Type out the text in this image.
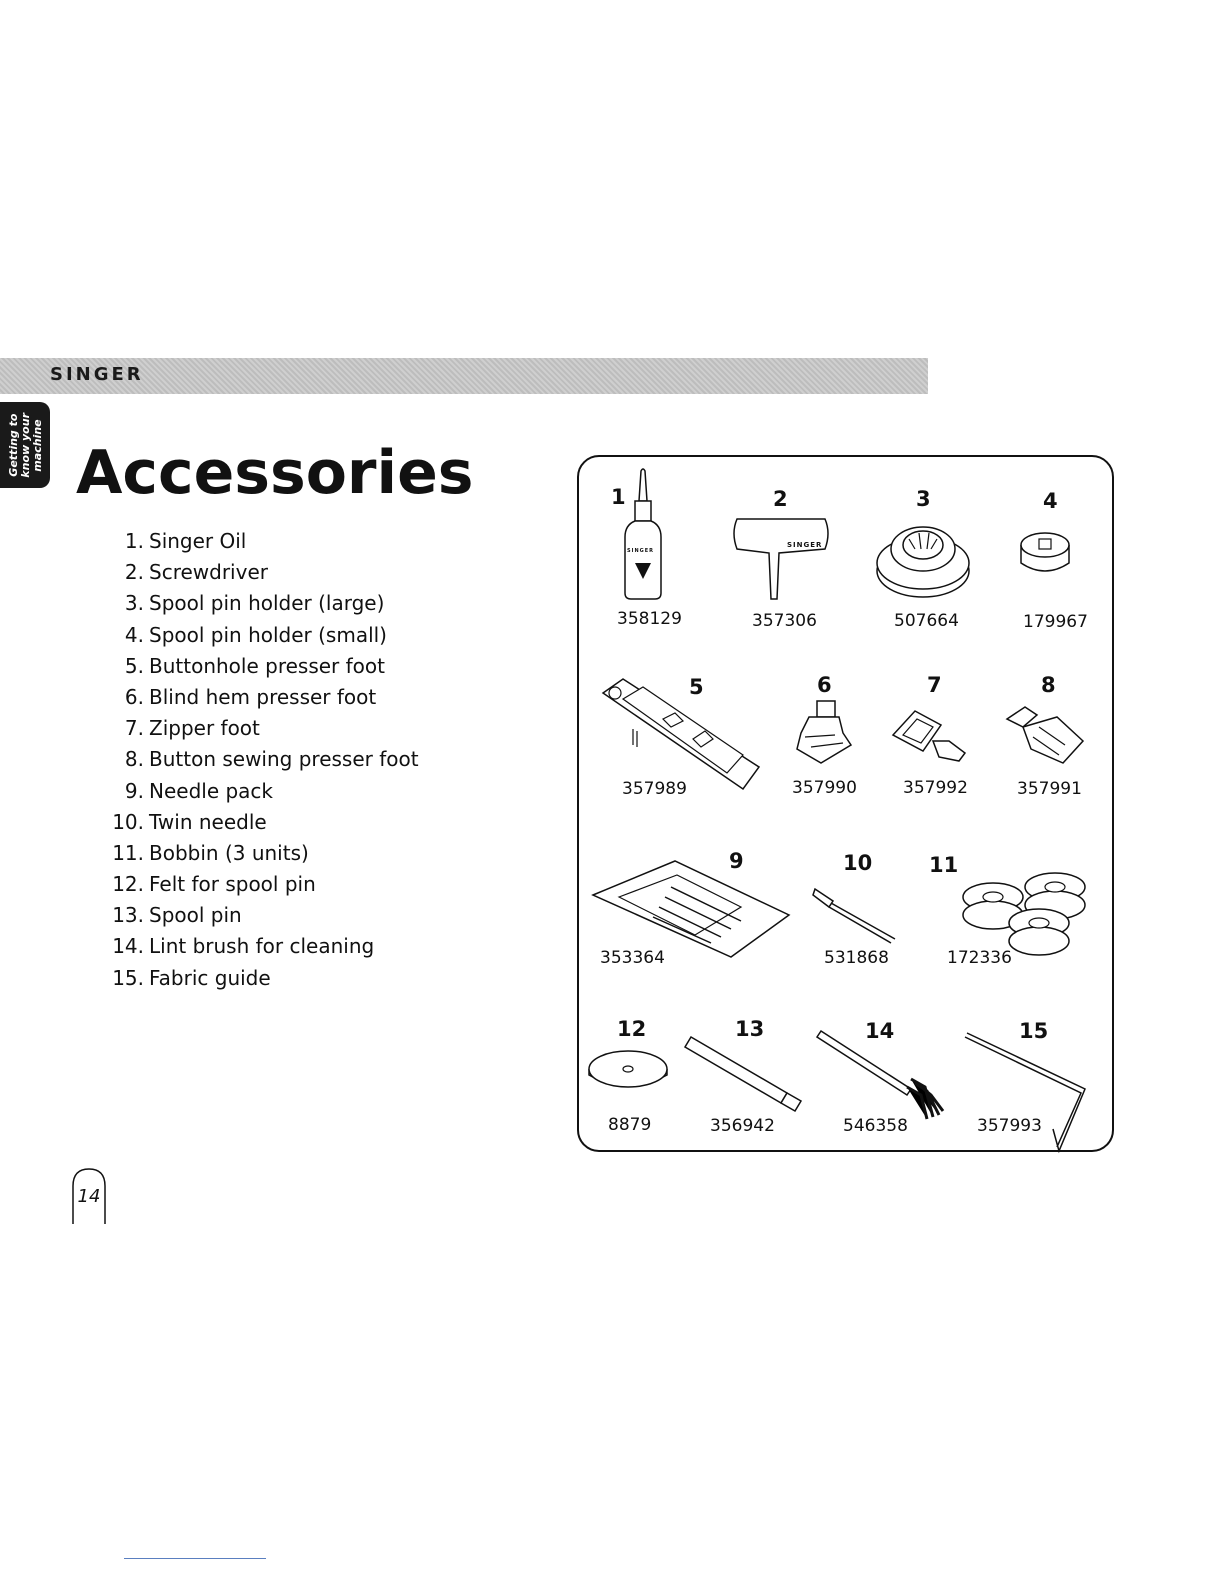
SINGER
Getting to
know your
machine Accessories
1. Singer Oil
2. Screwdriver
3. Spool pin holder (large)
4. Spool pin holder (small)
5. Buttonhole presser foot
6. Blind hem presser foot
7. Zipper foot
8. Button sewing presser foot
9. Needle pack
10. Twin needle
11. Bobbin (3 units)
12. Felt for spool pin
13. Spool pin
14. Lint brush for cleaning
15. Fabric guide
1
SINGER
358129
2
SINGER
357306
3
507664
4
179967
5
357989
6
357990
7
357992
8
357991
9
353364
10
531868
11
172336
12
8879
13
356942
14
546358
15
357993
14
